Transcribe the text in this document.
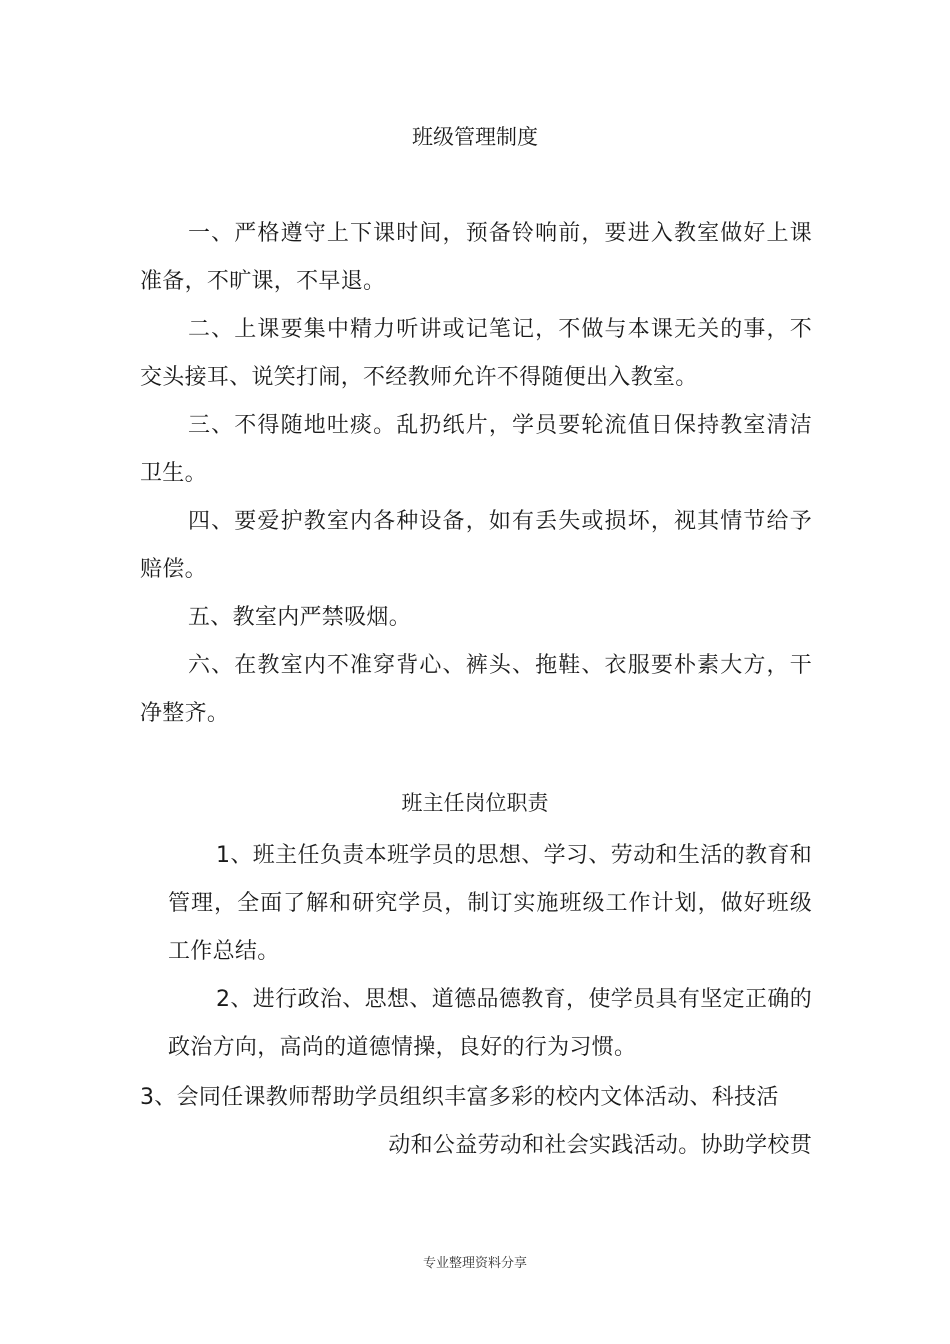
班级管理制度

一、严格遵守上下课时间，预备铃响前，要进入教室做好上课准备，不旷课，不早退。

二、上课要集中精力听讲或记笔记，不做与本课无关的事，不交头接耳、说笑打闹，不经教师允许不得随便出入教室。

三、不得随地吐痰。乱扔纸片，学员要轮流值日保持教室清洁卫生。

四、要爱护教室内各种设备，如有丢失或损坏，视其情节给予赔偿。

五、教室内严禁吸烟。

六、在教室内不准穿背心、裤头、拖鞋、衣服要朴素大方，干净整齐。

班主任岗位职责

1、班主任负责本班学员的思想、学习、劳动和生活的教育和管理，全面了解和研究学员，制订实施班级工作计划，做好班级工作总结。

2、进行政治、思想、道德品德教育，使学员具有坚定正确的政治方向，高尚的道德情操，良好的行为习惯。

3、会同任课教师帮助学员组织丰富多彩的校内文体活动、科技活
动和公益劳动和社会实践活动。协助学校贯
专业整理资料分享
